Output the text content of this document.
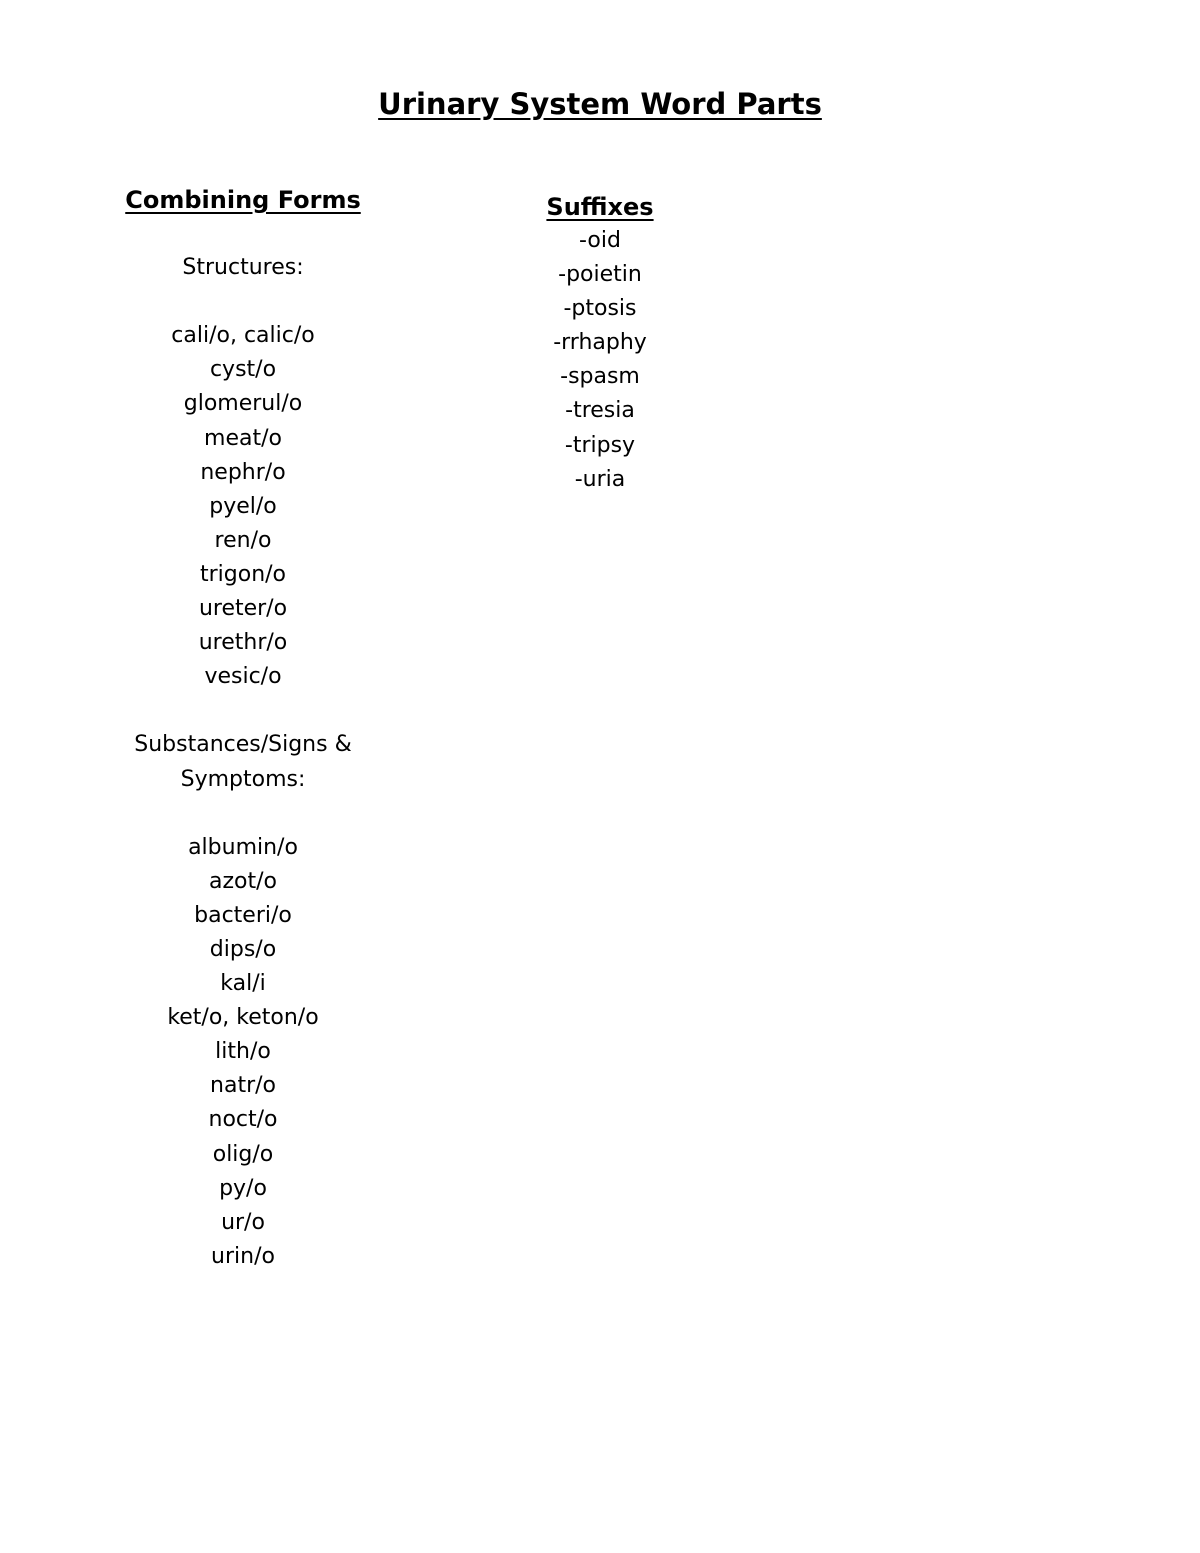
Urinary System Word Parts
Combining Forms
Structures:
cali/o, calic/o
cyst/o
glomerul/o
meat/o
nephr/o
pyel/o
ren/o
trigon/o
ureter/o
urethr/o
vesic/o
Substances/Signs & Symptoms:
albumin/o
azot/o
bacteri/o
dips/o
kal/i
ket/o, keton/o
lith/o
natr/o
noct/o
olig/o
py/o
ur/o
urin/o
Suffixes
-oid
-poietin
-ptosis
-rrhaphy
-spasm
-tresia
-tripsy
-uria
